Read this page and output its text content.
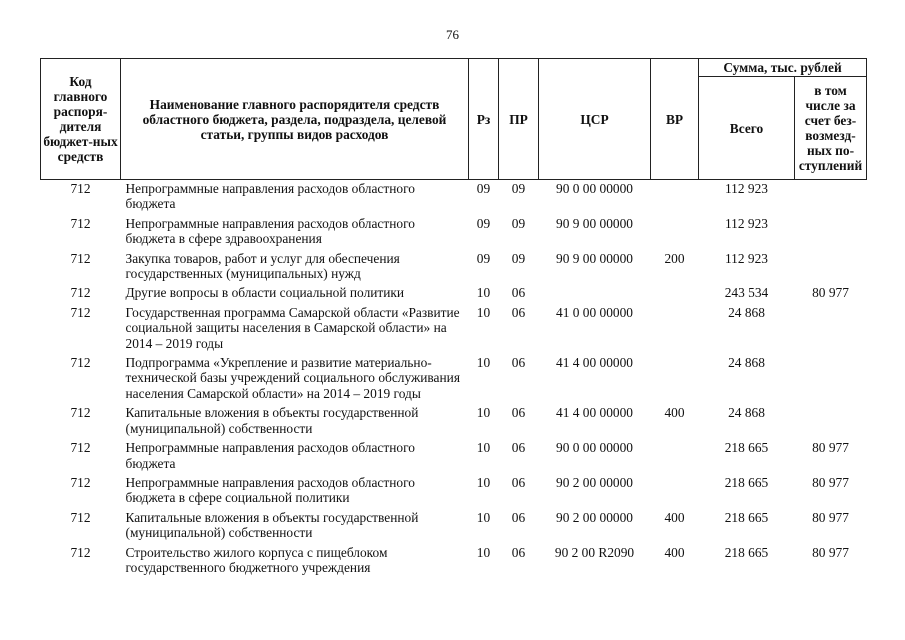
76
Код главного распоря-дителя бюджет-ных средств	Наименование главного распорядителя средств областного бюджета, раздела, подраздела, целевой статьи, группы видов расходов	Рз	ПР	ЦСР	ВР	Сумма, тыс. рублей	
						Всего	в том числе за счет без-возмезд-ных по-ступлений
712	Непрограммные направления расходов областного бюджета	09	09	90 0 00 00000		112 923	
712	Непрограммные направления расходов областного бюджета в сфере здравоохранения	09	09	90 9 00 00000		112 923	
712	Закупка товаров, работ и услуг для обеспечения государственных (муниципальных) нужд	09	09	90 9 00 00000	200	112 923	
712	Другие вопросы в области социальной политики	10	06			243 534	80 977
712	Государственная программа Самарской области «Развитие социальной защиты населения в Самарской области» на 2014 – 2019 годы	10	06	41 0 00 00000		24 868	
712	Подпрограмма «Укрепление и развитие материально-технической базы учреждений социального обслуживания населения Самарской области» на 2014 – 2019 годы	10	06	41 4 00 00000		24 868	
712	Капитальные вложения в объекты государственной (муниципальной) собственности	10	06	41 4 00 00000	400	24 868	
712	Непрограммные направления расходов областного бюджета	10	06	90 0 00 00000		218 665	80 977
712	Непрограммные направления расходов областного бюджета в сфере социальной политики	10	06	90 2 00 00000		218 665	80 977
712	Капитальные вложения в объекты государственной (муниципальной) собственности	10	06	90 2 00 00000	400	218 665	80 977
712	Строительство жилого корпуса с пищеблоком государственного бюджетного учреждения	10	06	90 2 00 R2090	400	218 665	80 977
